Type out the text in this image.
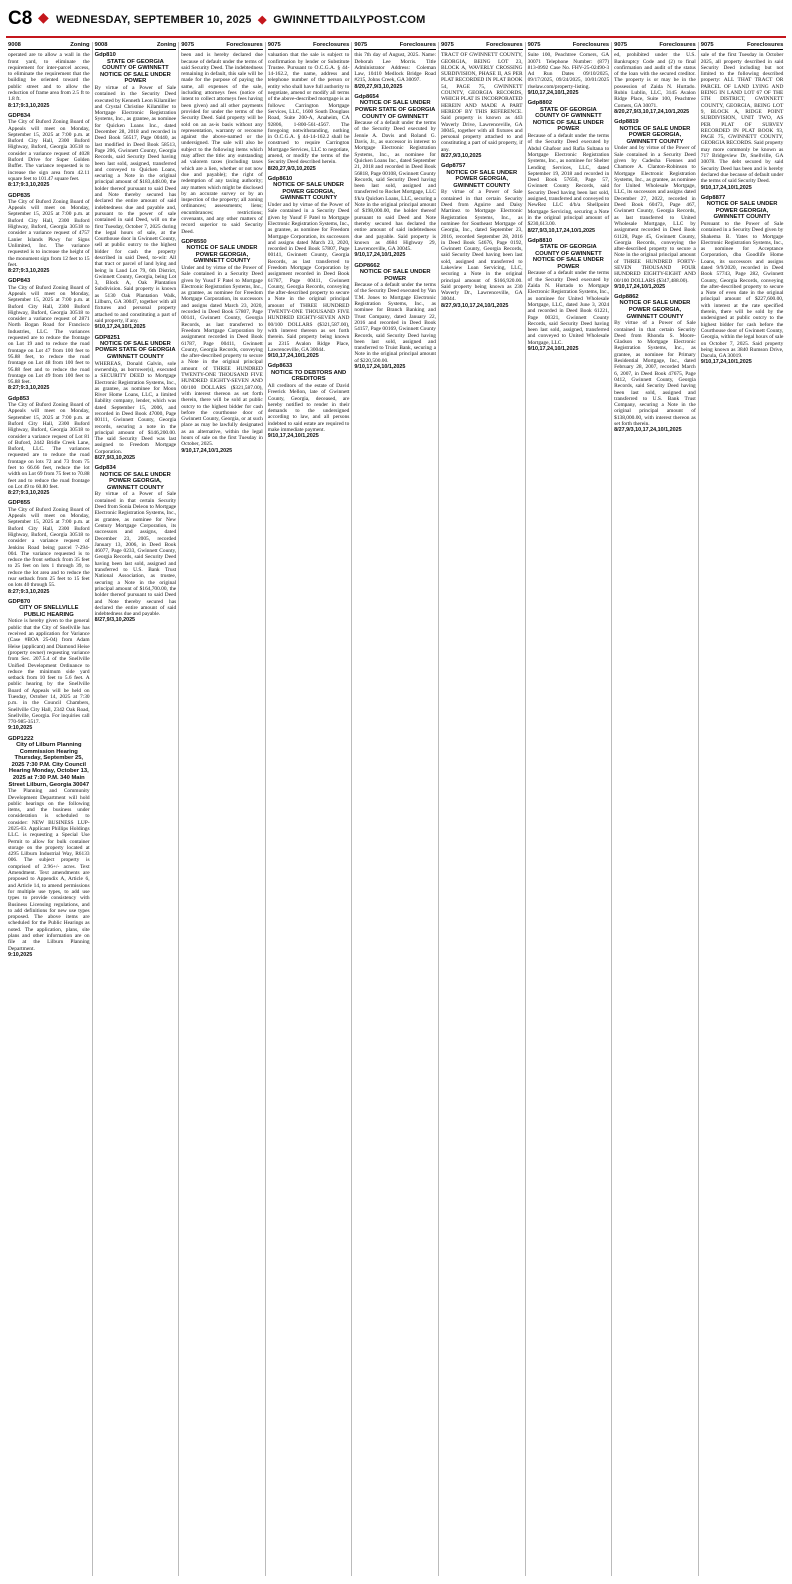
C8 ◆ WEDNESDAY, SEPTEMBER 10, 2025  ◆  GWINNETTDAILYPOST.COM
9008	Zoning

operated are to allow a wall in the front yard, to eliminate the requirement for inter-parcel access, to eliminate the requirement that the building be oriented toward the public street and to allow the reduction of frame area from 2.5 ft to 1.8 ft.

8:17;9:3,10,2025
GDP834

The City of Buford Zoning Board of Appeals will meet on Monday, September 15, 2025 at 7:00 p.m. at Buford City Hall, 2300 Buford Highway, Buford, Georgia 30518 to consider a variance request of 4028 Buford Drive for Super Golden Buffet. The variance requested is to increase the sign area from 42.11 square feet to 101.47 square feet.

8:17;9:3,10,2025
GDP835

The City of Buford Zoning Board of Appeals will meet on Monday, September 15, 2025 at 7:00 p.m. at Buford City Hall, 2300 Buford Highway, Buford, Georgia 30518 to consider a variance request of 4757 Lanier Islands Pkwy for Signs Unlimited, Inc. The variance requested is to increase the height of the monument sign from 12 feet to 15 feet.

8:27;9:3,10,2025
GDP843

The City of Buford Zoning Board of Appeals will meet on Monday, September 15, 2025 at 7:00 p.m. at Buford City Hall, 2300 Buford Highway, Buford, Georgia 30518 to consider a variance request of 2871 North Bogan Road for Francisco Industries, LLC. The variances requested are to reduce the frontage on Lot 19 and to reduce the road frontage on Lot 47 from 100 feet to 95.88 feet, to reduce the road frontage on Lot 48 from 100 feet to 95.88 feet and to reduce the road frontage on Lot 49 from 100 feet to 95.88 feet.

8:27;9:3,10,2025
Gdp853

The City of Buford Zoning Board of Appeals will meet on Monday, September 15, 2025 at 7:00 p.m. at Buford City Hall, 2300 Buford Highway, Buford, Georgia 30518 to consider a variance request of Lot 81 of Buford, 2442 Bridle Creek Lane, Buford, LLC. The variances requested are to reduce the road frontage on lots 72 and 73 from 75 feet to 66.66 feet, reduce the lot width on Lot 69 from 75 feet to 70.88 feet and to reduce the road frontage on Lot 49 to 60.80 feet.

8:27;9:3,10,2025
GDP855

The City of Buford Zoning Board of Appeals will meet on Monday, September 15, 2025 at 7:00 p.m. at Buford City Hall, 2300 Buford Highway, Buford, Georgia 30518 to consider a variance request of Jenkins Road being parcel 7-294-004. The variance requested is to reduce the front setback from 35 feet to 25 feet on lots 1 through 39, to reduce the lot area and to reduce the rear setback from 25 feet to 15 feet on lots 40 through 55.

8:27;9:3,10,2025
GDP870
CITY OF SNELLVILLE PUBLIC HEARING

Notice is hereby given to the general public that the City of Snellville has received an application for Variance (Case #BOA 25-04) from Adam Heise (applicant) and Diamond Heise (property owner) requesting variance from Sec. 207.5.4 of the Snellville Unified Development Ordinance to reduce the minimum side yard setback from 10 feet to 5.6 feet. A public hearing by the Snellville Board of Appeals will be held on Tuesday, October 14, 2025 at 7:30 p.m. in the Council Chambers, Snellville City Hall, 2342 Oak Road, Snellville, Georgia. For inquiries call 770-985-3517.

9:10,2025
GDP1222
City of Lilburn Planning Commission Hearing Thursday, September 25, 2025 7:30 P.M. City Council Hearing Monday, October 13, 2025 at 7:30 P.M. 340 Main Street Lilburn, Georgia 30047

The Planning and Community Development Department will hold public hearings on the following items, and the business under consideration is scheduled to consider: NEW BUSINESS LUP-2025-03. Applicant Phillips Holdings LLC. is requesting a Special Use Permit to allow for bulk container storage on the property located at 4295 Lilburn Industrial Way, R6133 006. The subject property is comprised of 2.96+/- acres. Text Amendment. Text amendments are proposed to Appendix A, Article 6, and Article 14, to amend permissions for multiple use types, to add use types to provide consistency with Business Licensing regulations, and to add definitions for new use types proposed. The above items are scheduled for the Public Hearings as noted. The application, plans, site plans and other information are on file at the Lilburn Planning Department.

9:10,2025
9008	Zoning
Gdp810
STATE OF GEORGIA COUNTY OF GWINNETT NOTICE OF SALE UNDER POWER

By virtue of a Power of Sale contained in the Security Deed executed by Kenneth Leon Kilamiller and Crystal Christine Kilamiller to Mortgage Electronic Registration Systems, Inc., as grantee, as nominee for Quicken Loans Inc., dated December 28, 2018 and recorded in Deed Book 56517, Page 00440, as last modified in Deed Book 58513, Page 206, Gwinnett County, Georgia Records, said Security Deed having been last sold, assigned, transferred and conveyed to Quicken Loans, securing a Note in the original principal amount of $183,448.00, the holder thereof pursuant to said Deed and Note thereby secured has declared the entire amount of said indebtedness due and payable and, pursuant to the power of sale contained in said Deed, will on the first Tuesday, October 7, 2025 during the legal hours of sale, at the Courthouse door in Gwinnett County, sell at public outcry to the highest bidder for cash the property described in said Deed, to-wit: All that tract or parcel of land lying and being in Land Lot 79, 6th District, Gwinnett County, Georgia, being Lot 3, Block A, Oak Plantation Subdivision. Said property is known as 5130 Oak Plantation Walk, Lilburn, GA 30047, together with all fixtures and personal property attached to and constituting a part of said property, if any.

9/10,17,24,10/1,2025
GDP8251
NOTICE OF SALE UNDER POWER STATE OF GEORGIA GWINNETT COUNTY

WHEREAS, Donald Galvin, sole ownership, as borrower(s), executed a SECURITY DEED to Mortgage Electronic Registration Systems, Inc., as grantee, as nominee for Moon River Home Loans, LLC, a limited liability company, lender, which was dated September 15, 2006, and recorded in Deed Book 47000, Page 00111, Gwinnett County, Georgia records, securing a note in the principal amount of $146,200.00. The said Security Deed was last assigned to Freedom Mortgage Corporation.

8/27,9/3,10,2025
Gdp834
NOTICE OF SALE UNDER POWER GEORGIA, GWINNETT COUNTY

By virtue of a Power of Sale contained in that certain Security Deed from Sonia Deleon to Mortgage Electronic Registration Systems, Inc., as grantee, as nominee for New Century Mortgage Corporation, its successors and assigns, dated December 23, 2005, recorded January 13, 2006, in Deed Book 46077, Page 0233, Gwinnett County, Georgia Records, said Security Deed having been last sold, assigned and transferred to U.S. Bank Trust National Association, as trustee, securing a Note in the original principal amount of $164,700.00, the holder thereof pursuant to said Deed and Note thereby secured has declared the entire amount of said indebtedness due and payable.

8/27,9/3,10,2025
9075	Foreclosures

been and is hereby declared due because of default under the terms of said Security Deed. The indebtedness remaining in default, this sale will be made for the purpose of paying the same, all expenses of the sale, including attorneys fees (notice of intent to collect attorneys fees having been given) and all other payments provided for under the terms of the Security Deed. Said property will be sold on an as-is basis without any representation, warranty or recourse against the above-named or the undersigned. The sale will also be subject to the following items which may affect the title: any outstanding ad valorem taxes (including taxes which are a lien, whether or not now due and payable); the right of redemption of any taxing authority; any matters which might be disclosed by an accurate survey or by an inspection of the property; all zoning ordinances; assessments; liens; encumbrances; restrictions; covenants, and any other matters of record superior to said Security Deed.

GDP8550
NOTICE OF SALE UNDER POWER GEORGIA, GWINNETT COUNTY

Under and by virtue of the Power of Sale contained in a Security Deed given by Yusuf F Patel to Mortgage Electronic Registration Systems, Inc., as grantee, as nominee for Freedom Mortgage Corporation, its successors and assigns dated March 23, 2020, recorded in Deed Book 57807, Page 00141, Gwinnett County, Georgia Records, as last transferred to Freedom Mortgage Corporation by assignment recorded in Deed Book 61787, Page 00411, Gwinnett County, Georgia Records, conveying the after-described property to secure a Note in the original principal amount of THREE HUNDRED TWENTY-ONE THOUSAND FIVE HUNDRED EIGHTY-SEVEN AND 00/100 DOLLARS ($321,587.00), with interest thereon as set forth therein, there will be sold at public outcry to the highest bidder for cash before the courthouse door of Gwinnett County, Georgia, or at such place as may be lawfully designated as an alternative, within the legal hours of sale on the first Tuesday in October, 2025.

9/10,17,24,10/1,2025
9075	Foreclosures

valuation that the sale is subject to confirmation by lender or Substitute Trustee. Pursuant to O.C.G.A. § 44-14-162.2, the name, address and telephone number of the person or entity who shall have full authority to negotiate, amend or modify all terms of the above-described mortgage is as follows: Carrington Mortgage Services, LLC, 1600 South Douglass Road, Suite 200-A, Anaheim, CA 92806, 1-800-561-4567. The foregoing notwithstanding, nothing in O.C.G.A. § 44-14-162.2 shall be construed to require Carrington Mortgage Services, LLC to negotiate, amend, or modify the terms of the Security Deed described herein.

8/20,27,9/3,10,2025
Gdp8610
NOTICE OF SALE UNDER POWER GEORGIA, GWINNETT COUNTY

Under and by virtue of the Power of Sale contained in a Security Deed given by Yusuf F Patel to Mortgage Electronic Registration Systems, Inc., as grantee, as nominee for Freedom Mortgage Corporation, its successors and assigns dated March 23, 2020, recorded in Deed Book 57807, Page 00141, Gwinnett County, Georgia Records, as last transferred to Freedom Mortgage Corporation by assignment recorded in Deed Book 61787, Page 00411, Gwinnett County, Georgia Records, conveying the after-described property to secure a Note in the original principal amount of THREE HUNDRED TWENTY-ONE THOUSAND FIVE HUNDRED EIGHTY-SEVEN AND 00/100 DOLLARS ($321,587.00), with interest thereon as set forth therein. Said property being known as 2315 Avalon Ridge Place, Lawrenceville, GA 30044.

9/10,17,24,10/1,2025
Gdp8633
NOTICE TO DEBTORS AND CREDITORS

All creditors of the estate of David Freerick Mellon, late of Gwinnett County, Georgia, deceased, are hereby notified to render in their demands to the undersigned according to law, and all persons indebted to said estate are required to make immediate payment.

9/10,17,24,10/1,2025
9075	Foreclosures

this 7th day of August, 2025. Name: Deborah Lee Morris. Title Administrator Address: Coleman Law, 10410 Medlock Bridge Road #215, Johns Creek, GA 30097.

8/20,27,9/3,10,2025
Gdp8654
NOTICE OF SALE UNDER POWER STATE OF GEORGIA COUNTY OF GWINNETT

Because of a default under the terms of the Security Deed executed by Jennie A. Davis and Roland G. Davis, Jr., as successor in interest to Mortgage Electronic Registration Systems, Inc., as nominee for Quicken Loans Inc., dated September 21, 2018 and recorded in Deed Book 56818, Page 00108, Gwinnett County Records, said Security Deed having been last sold, assigned and transferred to Rocket Mortgage, LLC f/k/a Quicken Loans, LLC, securing a Note in the original principal amount of $198,000.00, the holder thereof pursuant to said Deed and Note thereby secured has declared the entire amount of said indebtedness due and payable. Said property is known as 4684 Highway 29, Lawrenceville, GA 30045.

9/10,17,24,10/1,2025
GDP8662
NOTICE OF SALE UNDER POWER

Because of a default under the terms of the Security Deed executed by Van T.M. Jones to Mortgage Electronic Registration Systems, Inc., as nominee for Branch Banking and Trust Company, dated January 22, 2016 and recorded in Deed Book 54157, Page 00169, Gwinnett County Records, said Security Deed having been last sold, assigned and transferred to Truist Bank, securing a Note in the original principal amount of $220,500.00.

9/10,17,24,10/1,2025
9075	Foreclosures

TRACT OF GWINNETT COUNTY, GEORGIA, BEING LOT 23, BLOCK A, WAVERLY CROSSING SUBDIVISION, PHASE II, AS PER PLAT RECORDED IN PLAT BOOK 54, PAGE 75, GWINNETT COUNTY, GEORGIA RECORDS, WHICH PLAT IS INCORPORATED HEREIN AND MADE A PART HEREOF BY THIS REFERENCE. Said property is known as 443 Waverly Drive, Lawrenceville, GA 30045, together with all fixtures and personal property attached to and constituting a part of said property, if any.

8/27,9/3,10,2025
Gdp8757
NOTICE OF SALE UNDER POWER GEORGIA, GWINNETT COUNTY

By virtue of a Power of Sale contained in that certain Security Deed from Aguirre and Daisy Martinez to Mortgage Electronic Registration Systems, Inc., as nominee for Southeast Mortgage of Georgia, Inc., dated September 23, 2016, recorded September 28, 2016 in Deed Book 54676, Page 0192, Gwinnett County, Georgia Records, said Security Deed having been last sold, assigned and transferred to Lakeview Loan Servicing, LLC, securing a Note in the original principal amount of $166,920.00. Said property being known as 230 Waverly Dr., Lawrenceville, GA 30044.

8/27,9/3,10,17,24,10/1,2025
9075	Foreclosures

Suite 100, Peachtree Corners, GA 30071 Telephone Number: (877) 813-0992 Case No. FHV-25-02490-3 Ad Run Dates 09/10/2025, 09/17/2025, 09/24/2025, 10/01/2025 rlselaw.com/property-listing.

9/10,17,24,10/1,2025
Gdp8802
STATE OF GEORGIA COUNTY OF GWINNETT NOTICE OF SALE UNDER POWER

Because of a default under the terms of the Security Deed executed by Abdul Ghafoor and Rafia Sultana to Mortgage Electronic Registration Systems, Inc., as nominee for Shelter Lending Services, LLC, dated September 19, 2018 and recorded in Deed Book 57650, Page 57, Gwinnett County Records, said Security Deed having been last sold, assigned, transferred and conveyed to NewRez LLC d/b/a Shellpoint Mortgage Servicing, securing a Note in the original principal amount of $230,613.00.

8/27,9/3,10,17,24,10/1,2025
Gdp8810
STATE OF GEORGIA COUNTY OF GWINNETT NOTICE OF SALE UNDER POWER

Because of a default under the terms of the Security Deed executed by Zaida N. Hurtado to Mortgage Electronic Registration Systems, Inc., as nominee for United Wholesale Mortgage, LLC, dated June 3, 2024 and recorded in Deed Book 61221, Page 00321, Gwinnett County Records, said Security Deed having been last sold, assigned, transferred and conveyed to United Wholesale Mortgage, LLC.

9/10,17,24,10/1,2025
9075	Foreclosures

ed, prohibited under the U.S. Bankruptcy Code and (2) to final confirmation and audit of the status of the loan with the secured creditor. The property is or may be in the possession of Zaida N. Hurtado. Rubin Lublin, LLC, 3145 Avalon Ridge Place, Suite 100, Peachtree Corners, GA 30071.

8/20,27,9/3,10,17,24,10/1,2025
Gdp8819
NOTICE OF SALE UNDER POWER GEORGIA, GWINNETT COUNTY

Under and by virtue of the Power of Sale contained in a Security Deed given by Cadesha Fiennes and Chamore A. Clanton-Robinson to Mortgage Electronic Registration Systems, Inc., as grantee, as nominee for United Wholesale Mortgage, LLC, its successors and assigns dated December 27, 2022, recorded in Deed Book 60473, Page 467, Gwinnett County, Georgia Records, as last transferred to United Wholesale Mortgage, LLC by assignment recorded in Deed Book 61128, Page 45, Gwinnett County, Georgia Records, conveying the after-described property to secure a Note in the original principal amount of THREE HUNDRED FORTY-SEVEN THOUSAND FOUR HUNDRED EIGHTY-EIGHT AND 00/100 DOLLARS ($347,488.00).

9/10,17,24,10/1,2025
Gdp8862
NOTICE OF SALE UNDER POWER GEORGIA, GWINNETT COUNTY

By virtue of a Power of Sale contained in that certain Security Deed from Rhonda S. Moore-Gladson to Mortgage Electronic Registration Systems, Inc., as grantee, as nominee for Primary Residential Mortgage, Inc., dated February 28, 2007, recorded March 6, 2007, in Deed Book 47675, Page 0412, Gwinnett County, Georgia Records, said Security Deed having been last sold, assigned and transferred to U.S. Bank Trust Company, securing a Note in the original principal amount of $138,000.00, with interest thereon as set forth therein.

8/27,9/3,10,17,24,10/1,2025
9075	Foreclosures

sale of the first Tuesday in October 2025, all property described in said Security Deed including but not limited to the following described property: ALL THAT TRACT OR PARCEL OF LAND LYING AND BEING IN LAND LOT 67 OF THE 5TH DISTRICT, GWINNETT COUNTY, GEORGIA, BEING LOT 9, BLOCK A, RIDGE POINT SUBDIVISION, UNIT TWO, AS PER PLAT OF SURVEY RECORDED IN PLAT BOOK 93, PAGE 75, GWINNETT COUNTY, GEORGIA RECORDS. Said property may more commonly be known as 717 Bridgeview Dr, Snellville, GA 30078. The debt secured by said Security Deed has been and is hereby declared due because of default under the terms of said Security Deed.

9/10,17,24,10/1,2025
Gdp8877
NOTICE OF SALE UNDER POWER GEORGIA, GWINNETT COUNTY

Pursuant to the Power of Sale contained in a Security Deed given by Shakema B. Yates to Mortgage Electronic Registration Systems, Inc., as nominee for Acceptance Corporation, dba Goodlife Home Loans, its successors and assigns dated 9/9/2020, recorded in Deed Book 57743, Page 282, Gwinnett County, Georgia Records, conveying the after-described property to secure a Note of even date in the original principal amount of $227,600.00, with interest at the rate specified therein, there will be sold by the undersigned at public outcry to the highest bidder for cash before the Courthouse door of Gwinnett County, Georgia, within the legal hours of sale on October 7, 2025. Said property being known as 3840 Rumson Drive, Dacula, GA 30019.

9/10,17,24,10/1,2025
